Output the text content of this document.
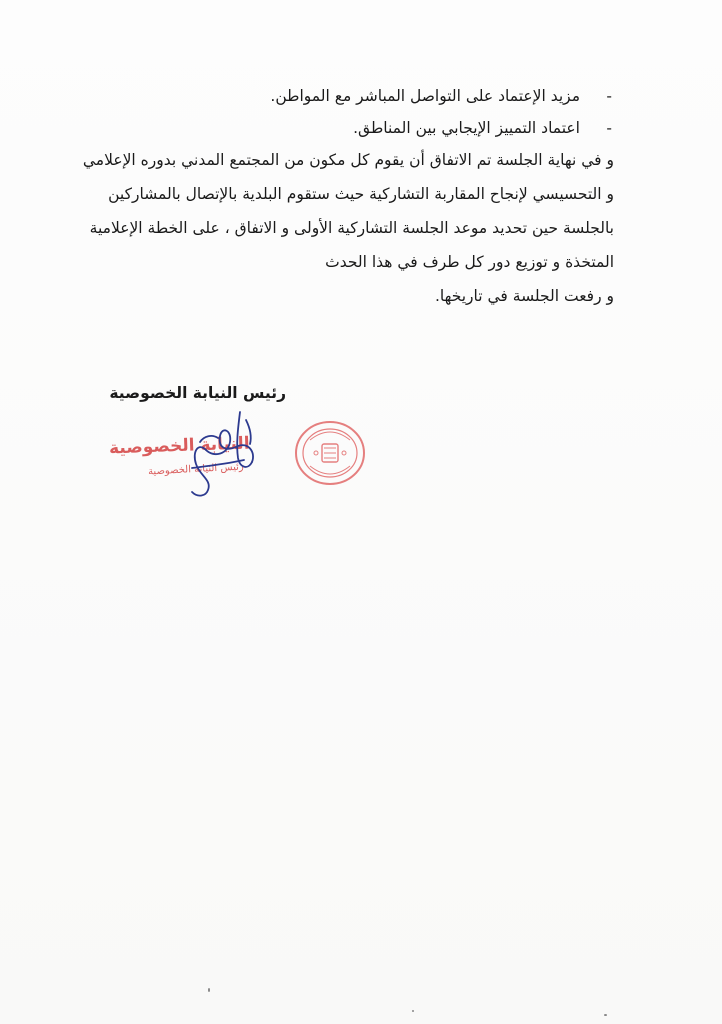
-مزيد الإعتماد على التواصل المباشر مع المواطن.
-اعتماد التمييز الإيجابي بين المناطق.
و في نهاية الجلسة تم الاتفاق أن يقوم كل مكون من المجتمع المدني بدوره الإعلامي
و التحسيسي لإنجاح المقاربة التشاركية حيث ستقوم البلدية بالإتصال بالمشاركين
بالجلسة حين تحديد موعد الجلسة التشاركية الأولى و الاتفاق ، على الخطة الإعلامية
المتخذة و توزيع دور كل طرف في هذا الحدث
و رفعت الجلسة في تاريخها.
رئيس النيابة الخصوصية
النيابة الخصوصية
رئيس النيابة الخصوصية
